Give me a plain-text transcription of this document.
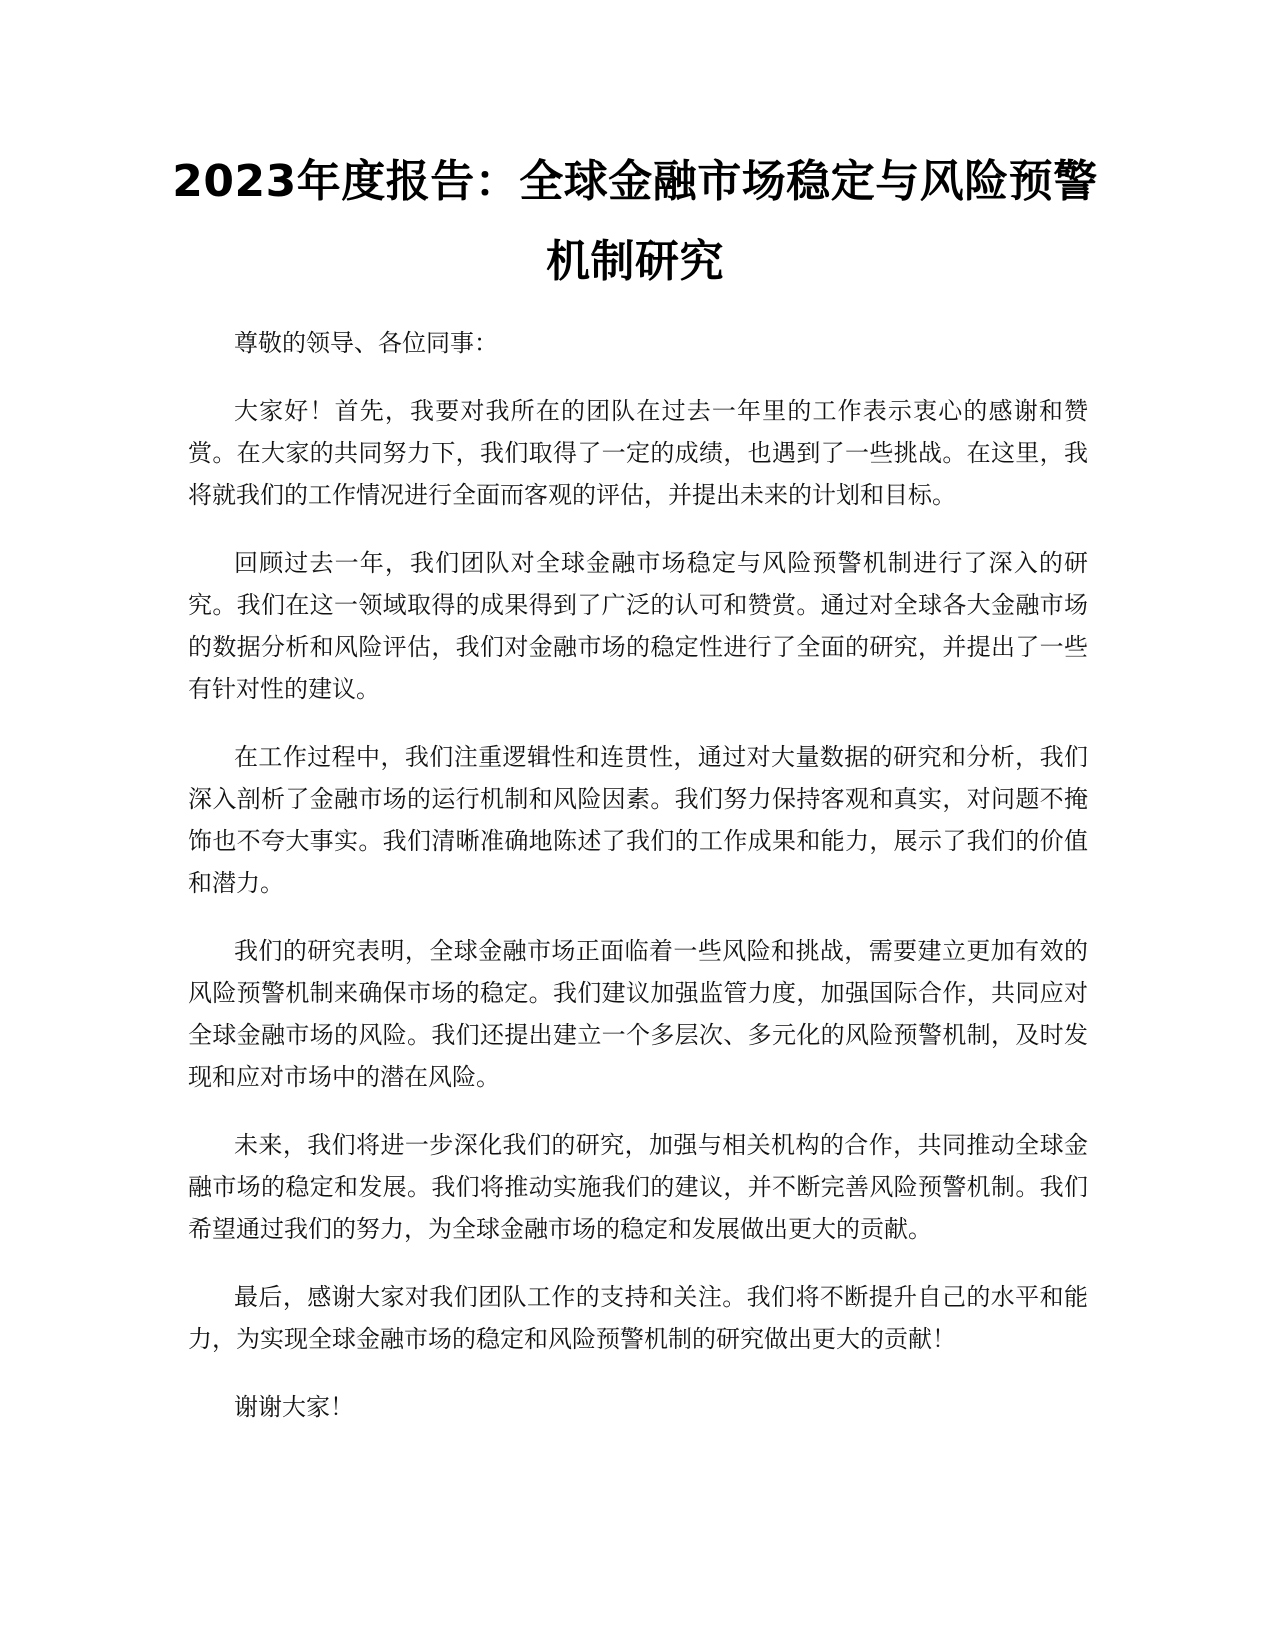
2023年度报告：全球金融市场稳定与风险预警机制研究

尊敬的领导、各位同事：

大家好！首先，我要对我所在的团队在过去一年里的工作表示衷心的感谢和赞赏。在大家的共同努力下，我们取得了一定的成绩，也遇到了一些挑战。在这里，我将就我们的工作情况进行全面而客观的评估，并提出未来的计划和目标。

回顾过去一年，我们团队对全球金融市场稳定与风险预警机制进行了深入的研究。我们在这一领域取得的成果得到了广泛的认可和赞赏。通过对全球各大金融市场的数据分析和风险评估，我们对金融市场的稳定性进行了全面的研究，并提出了一些有针对性的建议。

在工作过程中，我们注重逻辑性和连贯性，通过对大量数据的研究和分析，我们深入剖析了金融市场的运行机制和风险因素。我们努力保持客观和真实，对问题不掩饰也不夸大事实。我们清晰准确地陈述了我们的工作成果和能力，展示了我们的价值和潜力。

我们的研究表明，全球金融市场正面临着一些风险和挑战，需要建立更加有效的风险预警机制来确保市场的稳定。我们建议加强监管力度，加强国际合作，共同应对全球金融市场的风险。我们还提出建立一个多层次、多元化的风险预警机制，及时发现和应对市场中的潜在风险。

未来，我们将进一步深化我们的研究，加强与相关机构的合作，共同推动全球金融市场的稳定和发展。我们将推动实施我们的建议，并不断完善风险预警机制。我们希望通过我们的努力，为全球金融市场的稳定和发展做出更大的贡献。

最后，感谢大家对我们团队工作的支持和关注。我们将不断提升自己的水平和能力，为实现全球金融市场的稳定和风险预警机制的研究做出更大的贡献！

谢谢大家！
